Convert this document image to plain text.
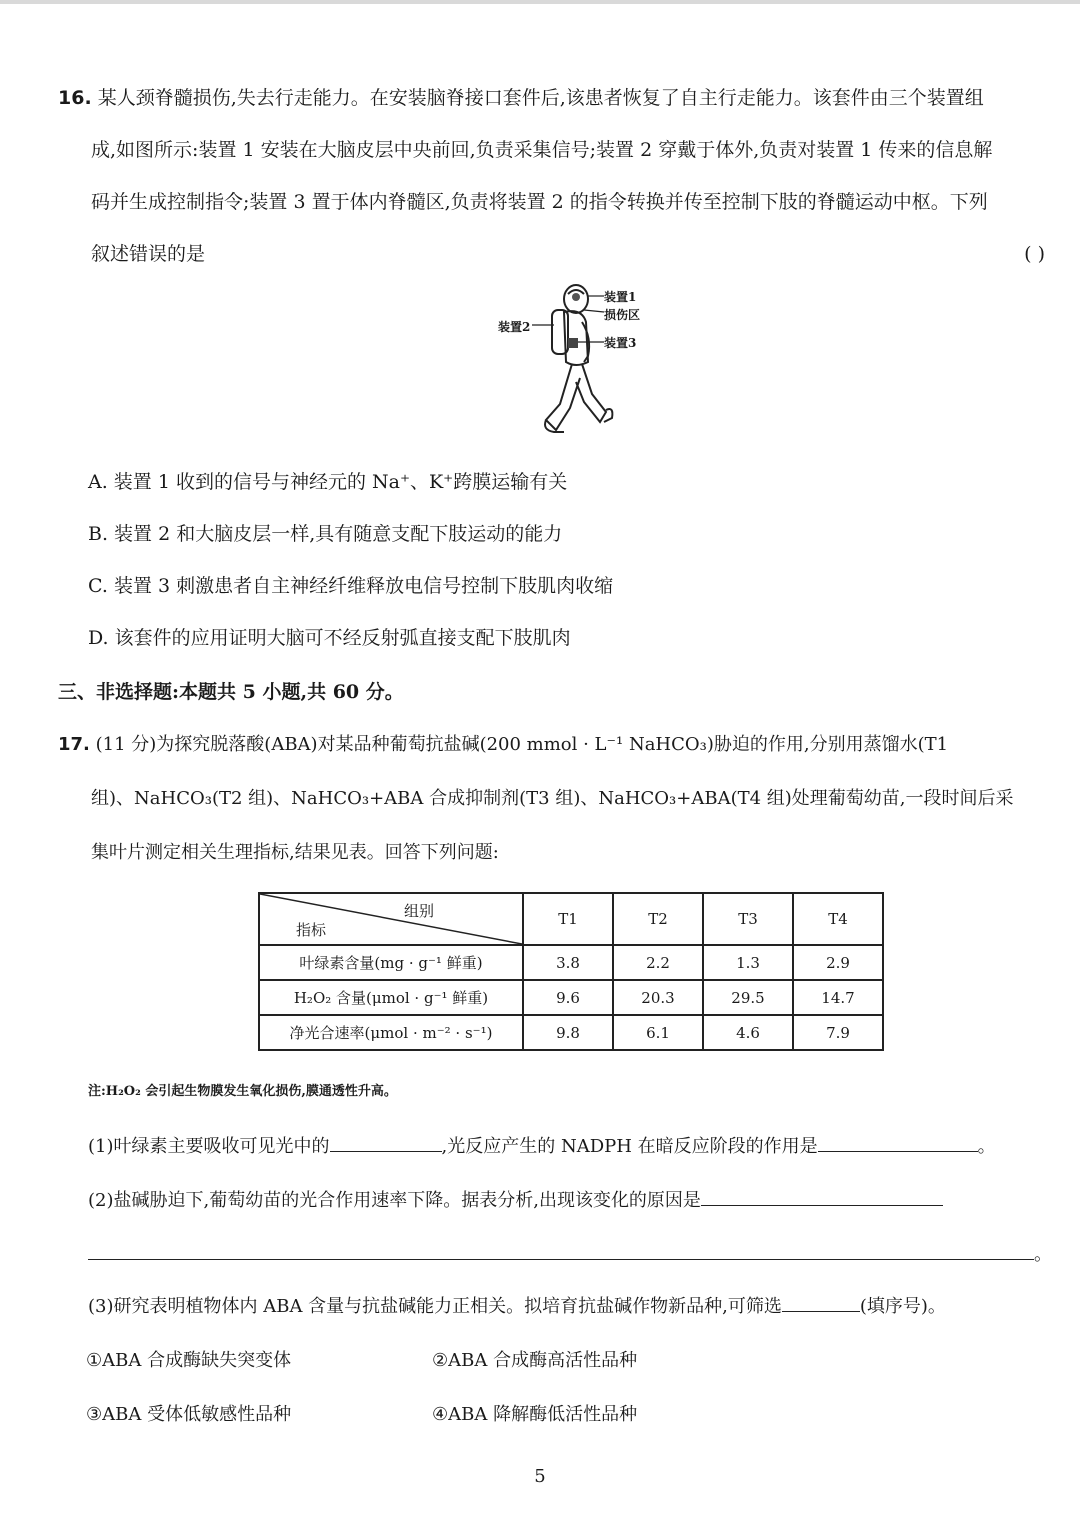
16. 某人颈脊髓损伤,失去行走能力。在安装脑脊接口套件后,该患者恢复了自主行走能力。该套件由三个装置组
成,如图所示:装置 1 安装在大脑皮层中央前回,负责采集信号;装置 2 穿戴于体外,负责对装置 1 传来的信息解
码并生成控制指令;装置 3 置于体内脊髓区,负责将装置 2 的指令转换并传至控制下肢的脊髓运动中枢。下列
叙述错误的是	( )
装置1
损伤区
装置2
装置3
A. 装置 1 收到的信号与神经元的 Na⁺、K⁺跨膜运输有关
B. 装置 2 和大脑皮层一样,具有随意支配下肢运动的能力
C. 装置 3 刺激患者自主神经纤维释放电信号控制下肢肌肉收缩
D. 该套件的应用证明大脑可不经反射弧直接支配下肢肌肉
三、非选择题:本题共 5 小题,共 60 分。
17. (11 分)为探究脱落酸(ABA)对某品种葡萄抗盐碱(200 mmol · L⁻¹ NaHCO₃)胁迫的作用,分别用蒸馏水(T1
组)、NaHCO₃(T2 组)、NaHCO₃+ABA 合成抑制剂(T3 组)、NaHCO₃+ABA(T4 组)处理葡萄幼苗,一段时间后采
集叶片测定相关生理指标,结果见表。回答下列问题:
组别
指标	T1	T2	T3	T4
叶绿素含量(mg · g⁻¹ 鲜重)	3.8	2.2	1.3	2.9
H₂O₂ 含量(μmol · g⁻¹ 鲜重)	9.6	20.3	29.5	14.7
净光合速率(μmol · m⁻² · s⁻¹)	9.8	6.1	4.6	7.9
注:H₂O₂ 会引起生物膜发生氧化损伤,膜通透性升高。
(1)叶绿素主要吸收可见光中的	,光反应产生的 NADPH 在暗反应阶段的作用是	。
(2)盐碱胁迫下,葡萄幼苗的光合作用速率下降。据表分析,出现该变化的原因是
。
(3)研究表明植物体内 ABA 含量与抗盐碱能力正相关。拟培育抗盐碱作物新品种,可筛选	(填序号)。
①ABA 合成酶缺失突变体	②ABA 合成酶高活性品种
③ABA 受体低敏感性品种	④ABA 降解酶低活性品种
5
